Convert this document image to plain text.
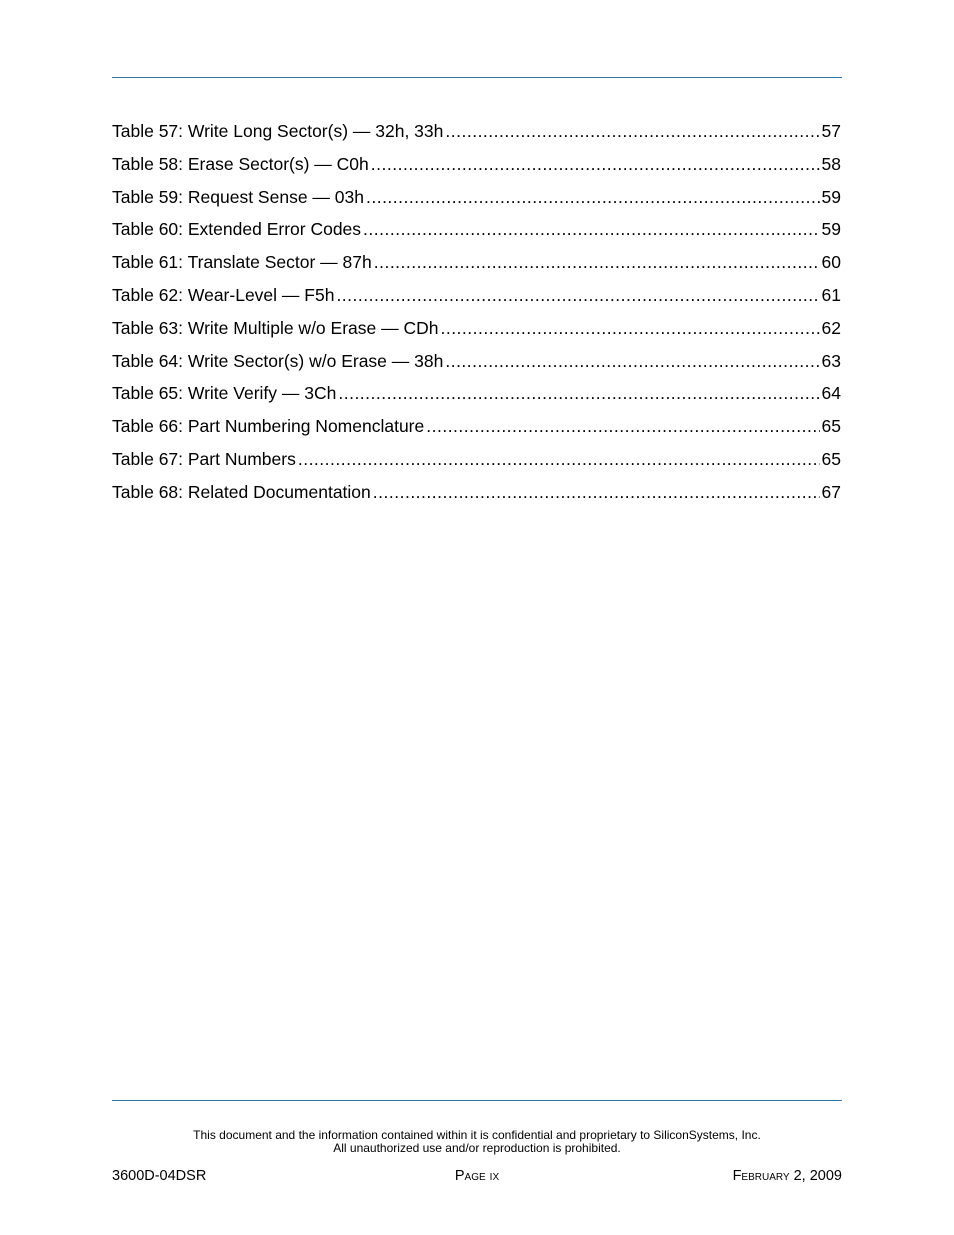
Table 57: Write Long Sector(s) — 32h, 33h .....	57
Table 58: Erase Sector(s) — C0h .....	58
Table 59: Request Sense — 03h .....	59
Table 60: Extended Error Codes .....	59
Table 61: Translate Sector — 87h .....	60
Table 62: Wear-Level — F5h .....	61
Table 63: Write Multiple w/o Erase — CDh .....	62
Table 64: Write Sector(s) w/o Erase — 38h .....	63
Table 65: Write Verify — 3Ch .....	64
Table 66: Part Numbering Nomenclature .....	65
Table 67: Part Numbers .....	65
Table 68: Related Documentation .....	67
This document and the information contained within it is confidential and proprietary to SiliconSystems, Inc.
All unauthorized use and/or reproduction is prohibited.
3600D-04DSR	Page ix	February 2, 2009
